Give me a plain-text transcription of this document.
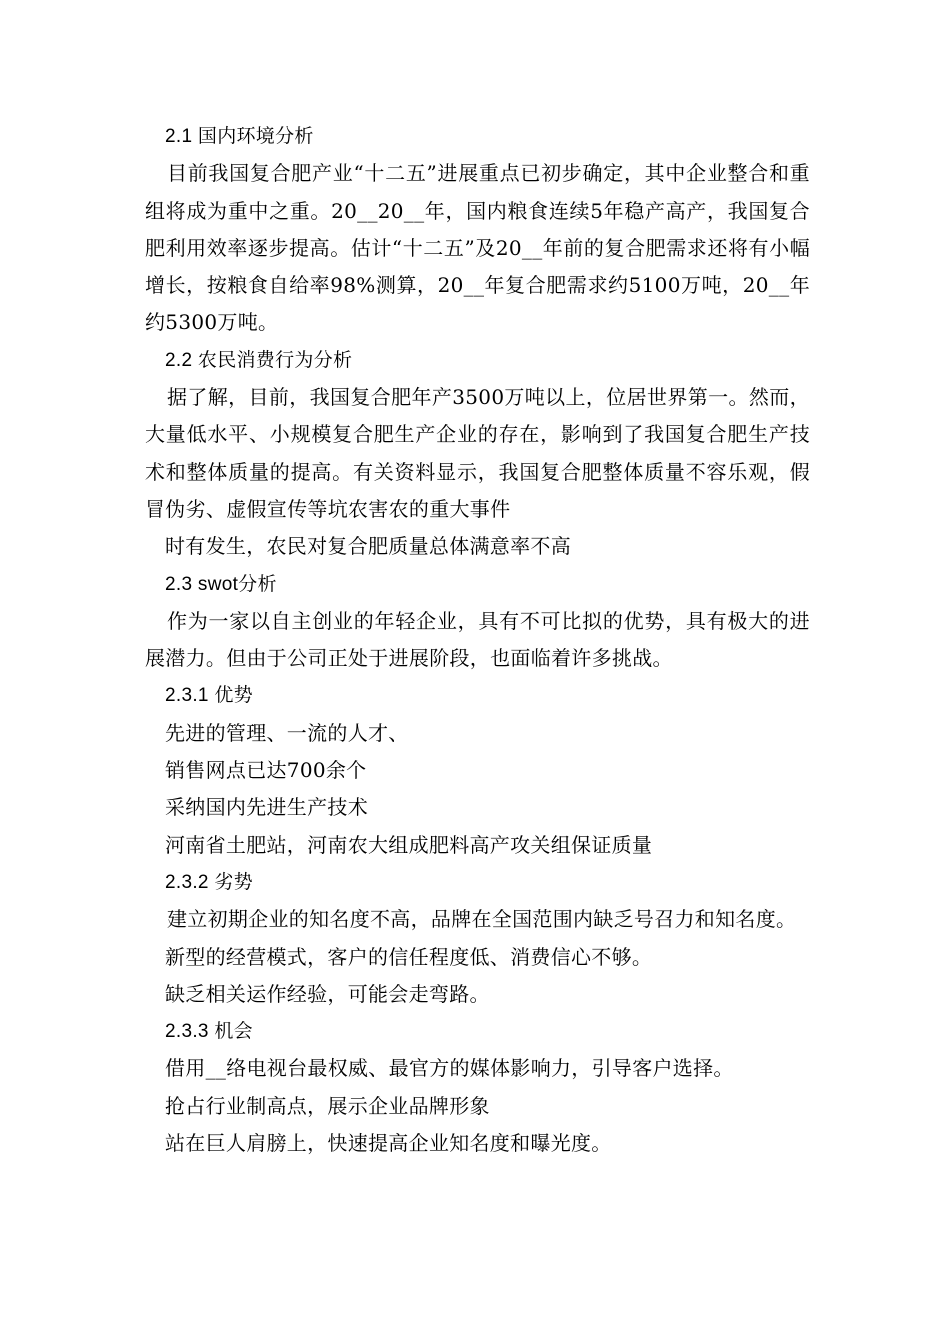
2.1 国内环境分析
目前我国复合肥产业“十二五”进展重点已初步确定，其中企业整合和重组将成为重中之重。20__20__年，国内粮食连续5年稳产高产，我国复合肥利用效率逐步提高。估计“十二五”及20__年前的复合肥需求还将有小幅增长，按粮食自给率98%测算，20__年复合肥需求约5100万吨，20__年约5300万吨。
2.2 农民消费行为分析
据了解，目前，我国复合肥年产3500万吨以上，位居世界第一。然而，大量低水平、小规模复合肥生产企业的存在，影响到了我国复合肥生产技术和整体质量的提高。有关资料显示，我国复合肥整体质量不容乐观，假冒伪劣、虚假宣传等坑农害农的重大事件
时有发生，农民对复合肥质量总体满意率不高
2.3 swot分析
作为一家以自主创业的年轻企业，具有不可比拟的优势，具有极大的进展潜力。但由于公司正处于进展阶段，也面临着许多挑战。
2.3.1 优势
先进的管理、一流的人才、
销售网点已达700余个
采纳国内先进生产技术
河南省土肥站，河南农大组成肥料高产攻关组保证质量
2.3.2 劣势
建立初期企业的知名度不高，品牌在全国范围内缺乏号召力和知名度。
新型的经营模式，客户的信任程度低、消费信心不够。
缺乏相关运作经验，可能会走弯路。
2.3.3 机会
借用__络电视台最权威、最官方的媒体影响力，引导客户选择。
抢占行业制高点，展示企业品牌形象
站在巨人肩膀上，快速提高企业知名度和曝光度。
